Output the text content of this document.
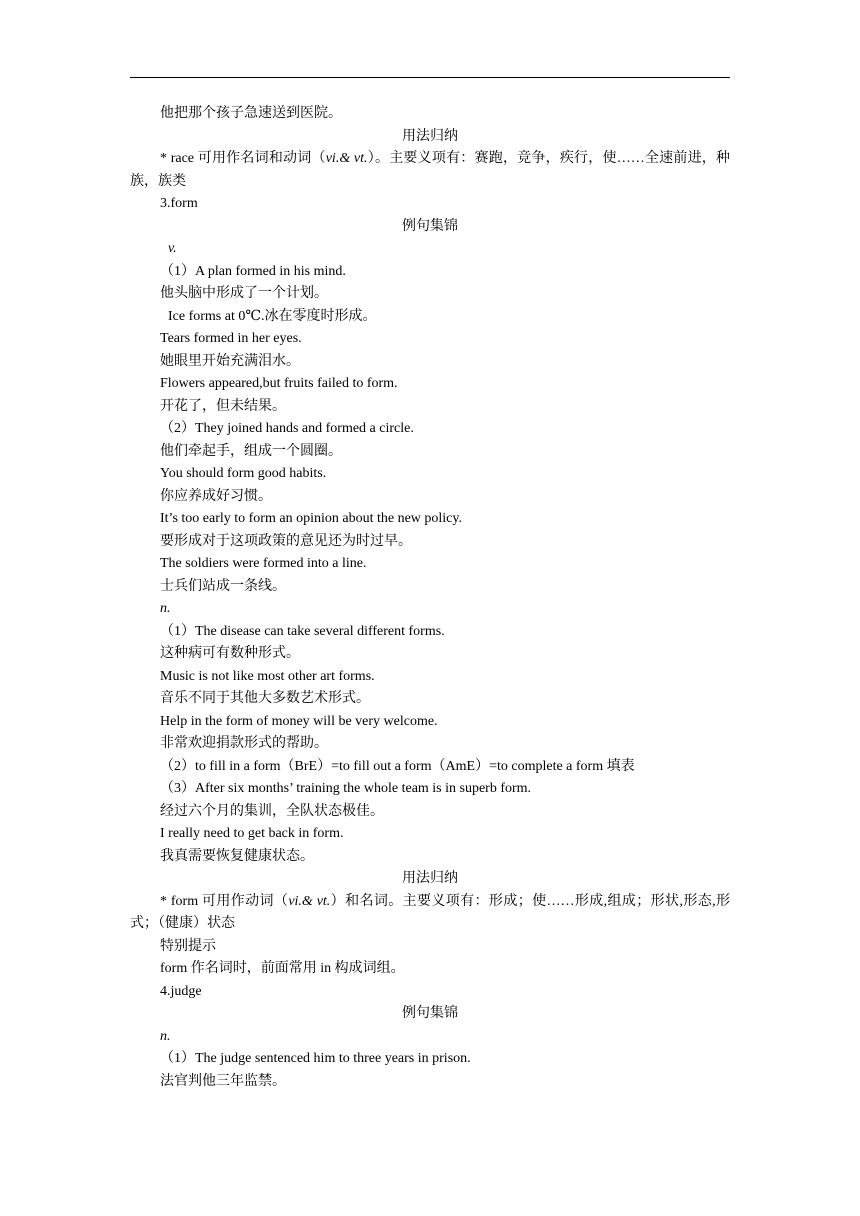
他把那个孩子急速送到医院。
用法归纳
* race 可用作名词和动词（vi.& vt.）。主要义项有：赛跑，竞争，疾行，使……全速前进，种族，族类
3.form
例句集锦
v.
（1）A plan formed in his mind.
他头脑中形成了一个计划。
Ice forms at 0℃.冰在零度时形成。
Tears formed in her eyes.
她眼里开始充满泪水。
Flowers appeared,but fruits failed to form.
开花了，但未结果。
（2）They joined hands and formed a circle.
他们牵起手，组成一个圆圈。
You should form good habits.
你应养成好习惯。
It’s too early to form an opinion about the new policy.
要形成对于这项政策的意见还为时过早。
The soldiers were formed into a line.
士兵们站成一条线。
n.
（1）The disease can take several different forms.
这种病可有数种形式。
Music is not like most other art forms.
音乐不同于其他大多数艺术形式。
Help in the form of money will be very welcome.
非常欢迎捐款形式的帮助。
（2）to fill in a form（BrE）=to fill out a form（AmE）=to complete a form 填表
（3）After six months’ training the whole team is in superb form.
经过六个月的集训，全队状态极佳。
I really need to get back in form.
我真需要恢复健康状态。
用法归纳
* form 可用作动词（vi.& vt.）和名词。主要义项有：形成；使……形成,组成；形状,形态,形式；（健康）状态
特别提示
form 作名词时，前面常用 in 构成词组。
4.judge
例句集锦
n.
（1）The judge sentenced him to three years in prison.
法官判他三年监禁。
